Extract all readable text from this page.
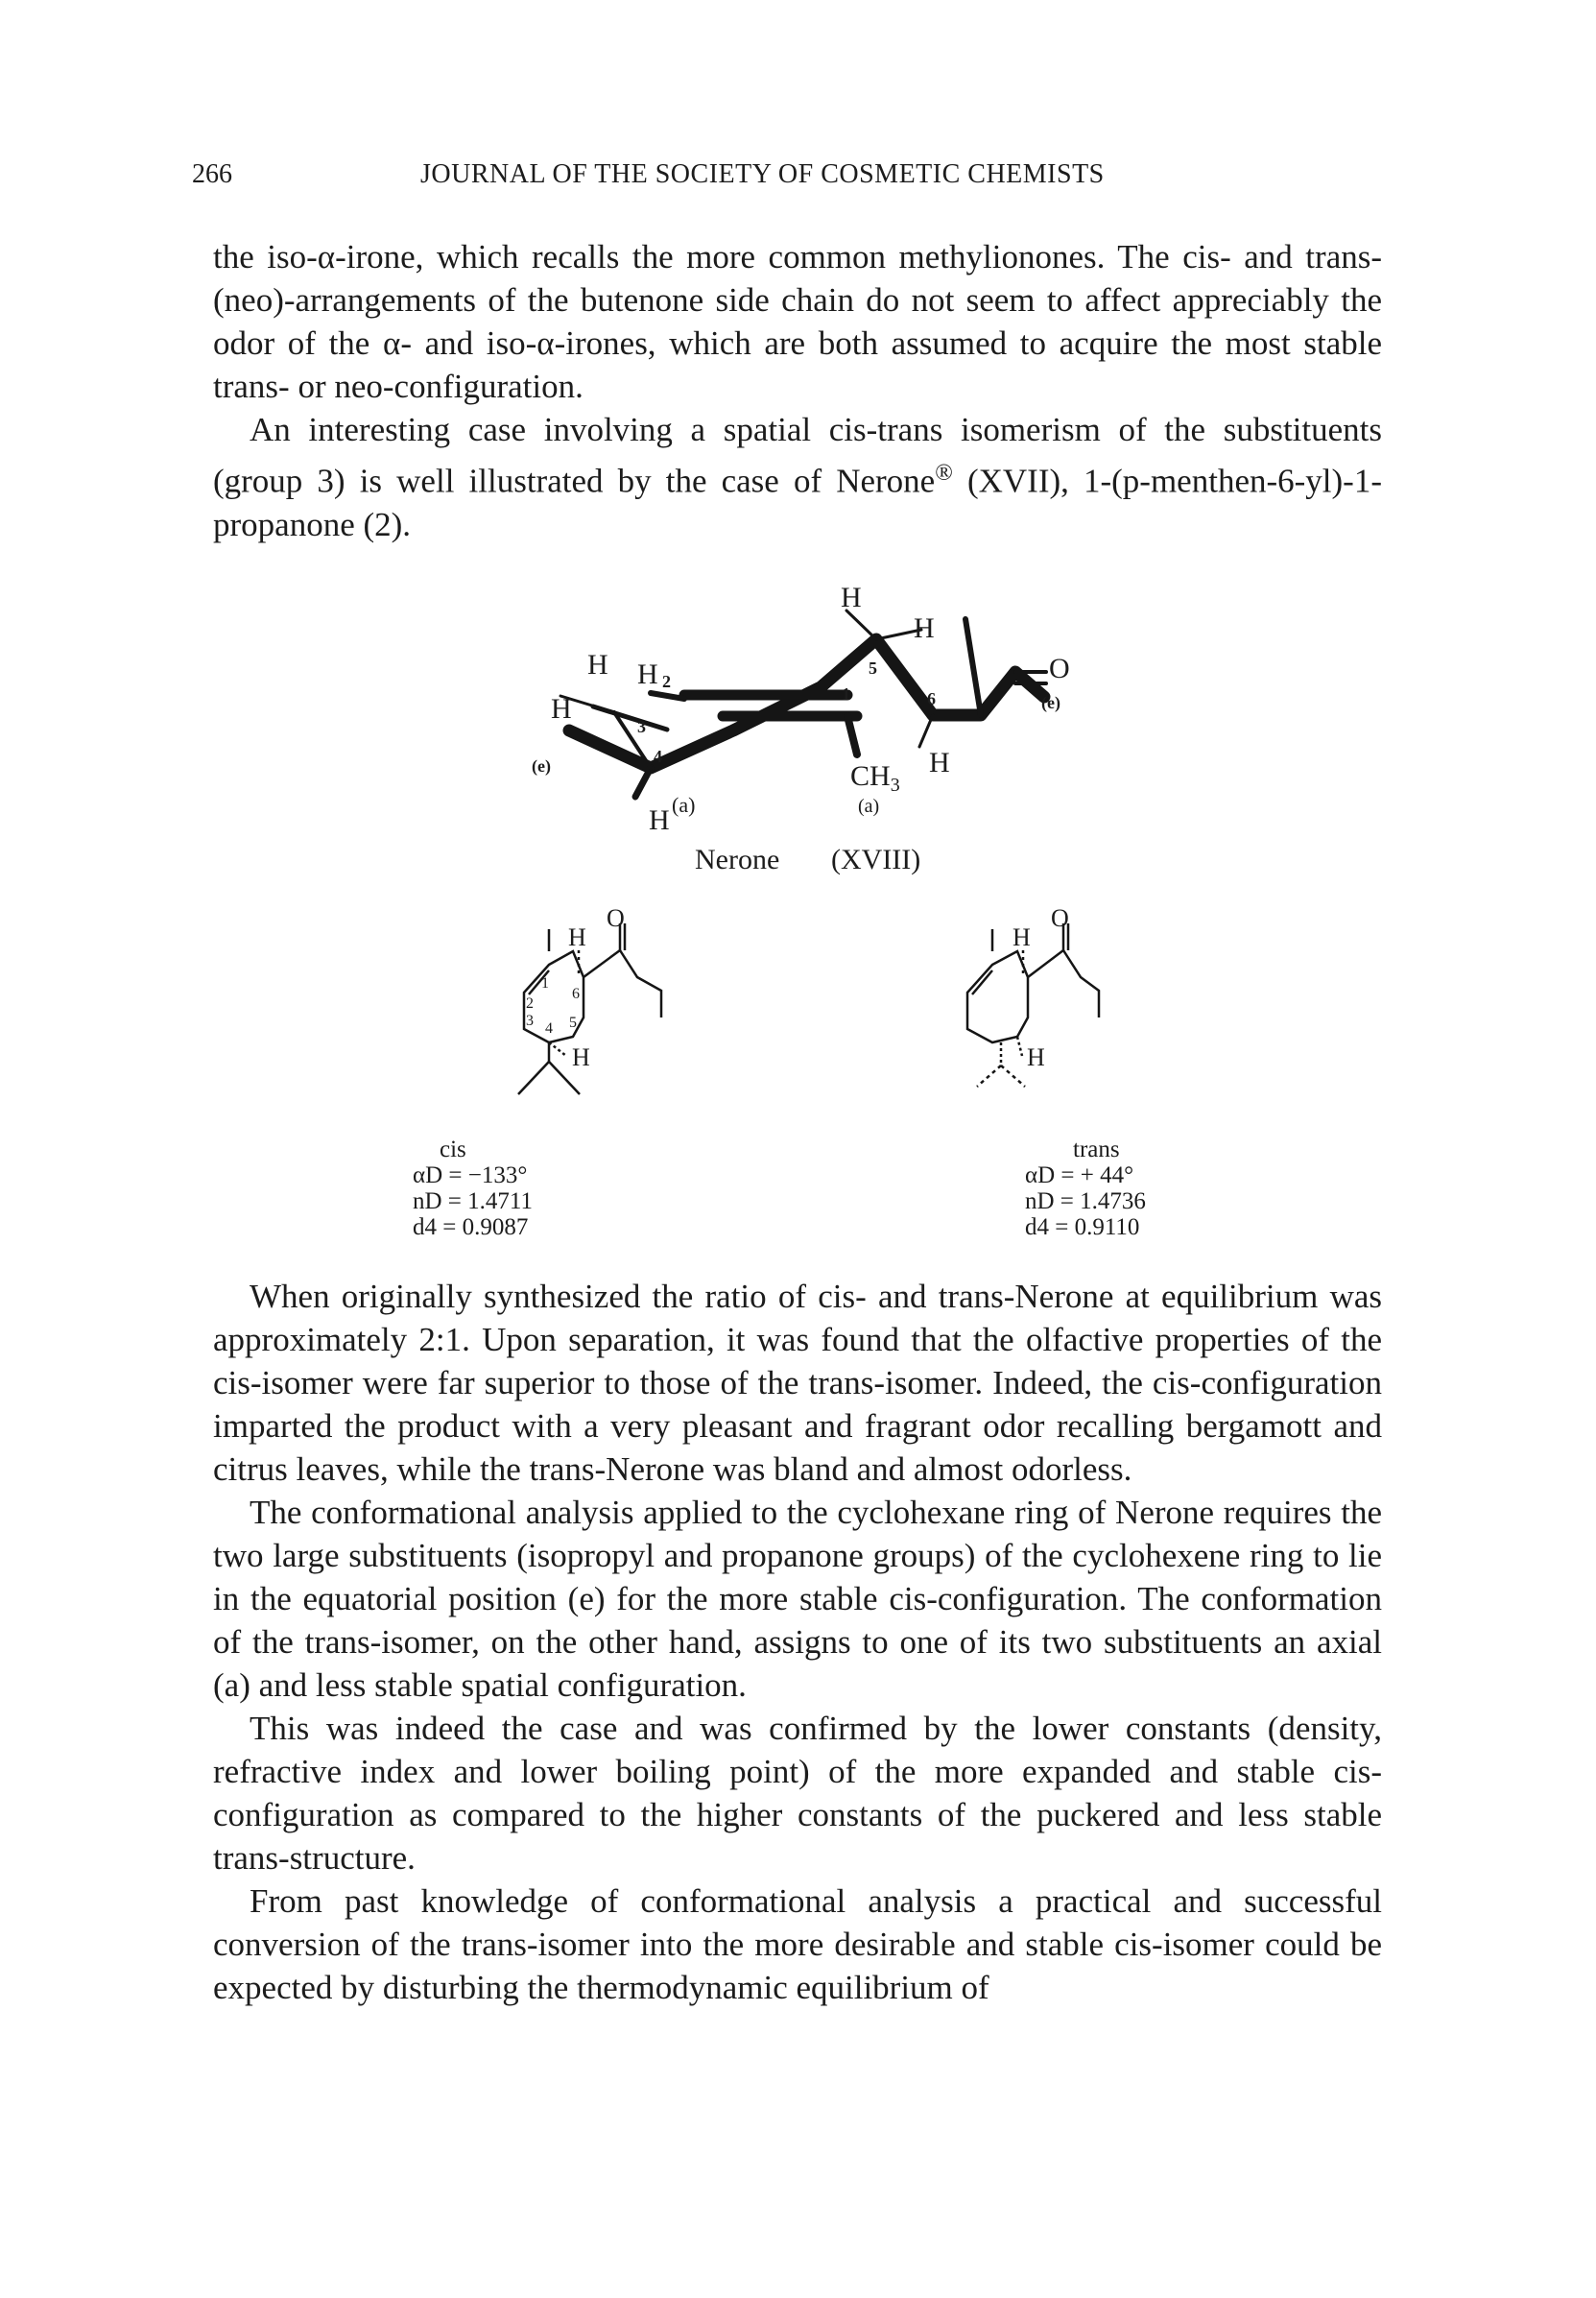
266	JOURNAL OF THE SOCIETY OF COSMETIC CHEMISTS

the iso-α-irone, which recalls the more common methylionones. The cis- and trans-(neo)-arrangements of the butenone side chain do not seem to affect appreciably the odor of the α- and iso-α-irones, which are both assumed to acquire the most stable trans- or neo-configuration.

An interesting case involving a spatial cis-trans isomerism of the substituents (group 3) is well illustrated by the case of Nerone® (XVII), 1-(p-menthen-6-yl)-1-propanone (2).

H H
H
H
H
H
O
H (a)
$CH_3$
(a)
(e)
(e)
2
3
4
1
5
6
Nerone (XVIII)
H
O
H
1
2
3 4 5
6
H
O
H
cis
αD = −133°
nD = 1.4711
d4 = 0.9087
trans
αD = + 44°
nD = 1.4736
d4 = 0.9110

When originally synthesized the ratio of cis- and trans-Nerone at equilibrium was approximately 2:1. Upon separation, it was found that the olfactive properties of the cis-isomer were far superior to those of the trans-isomer. Indeed, the cis-configuration imparted the product with a very pleasant and fragrant odor recalling bergamott and citrus leaves, while the trans-Nerone was bland and almost odorless.

The conformational analysis applied to the cyclohexane ring of Nerone requires the two large substituents (isopropyl and propanone groups) of the cyclohexene ring to lie in the equatorial position (e) for the more stable cis-configuration. The conformation of the trans-isomer, on the other hand, assigns to one of its two substituents an axial (a) and less stable spatial configuration.

This was indeed the case and was confirmed by the lower constants (density, refractive index and lower boiling point) of the more expanded and stable cis-configuration as compared to the higher constants of the puckered and less stable trans-structure.

From past knowledge of conformational analysis a practical and successful conversion of the trans-isomer into the more desirable and stable cis-isomer could be expected by disturbing the thermodynamic equilibrium of
